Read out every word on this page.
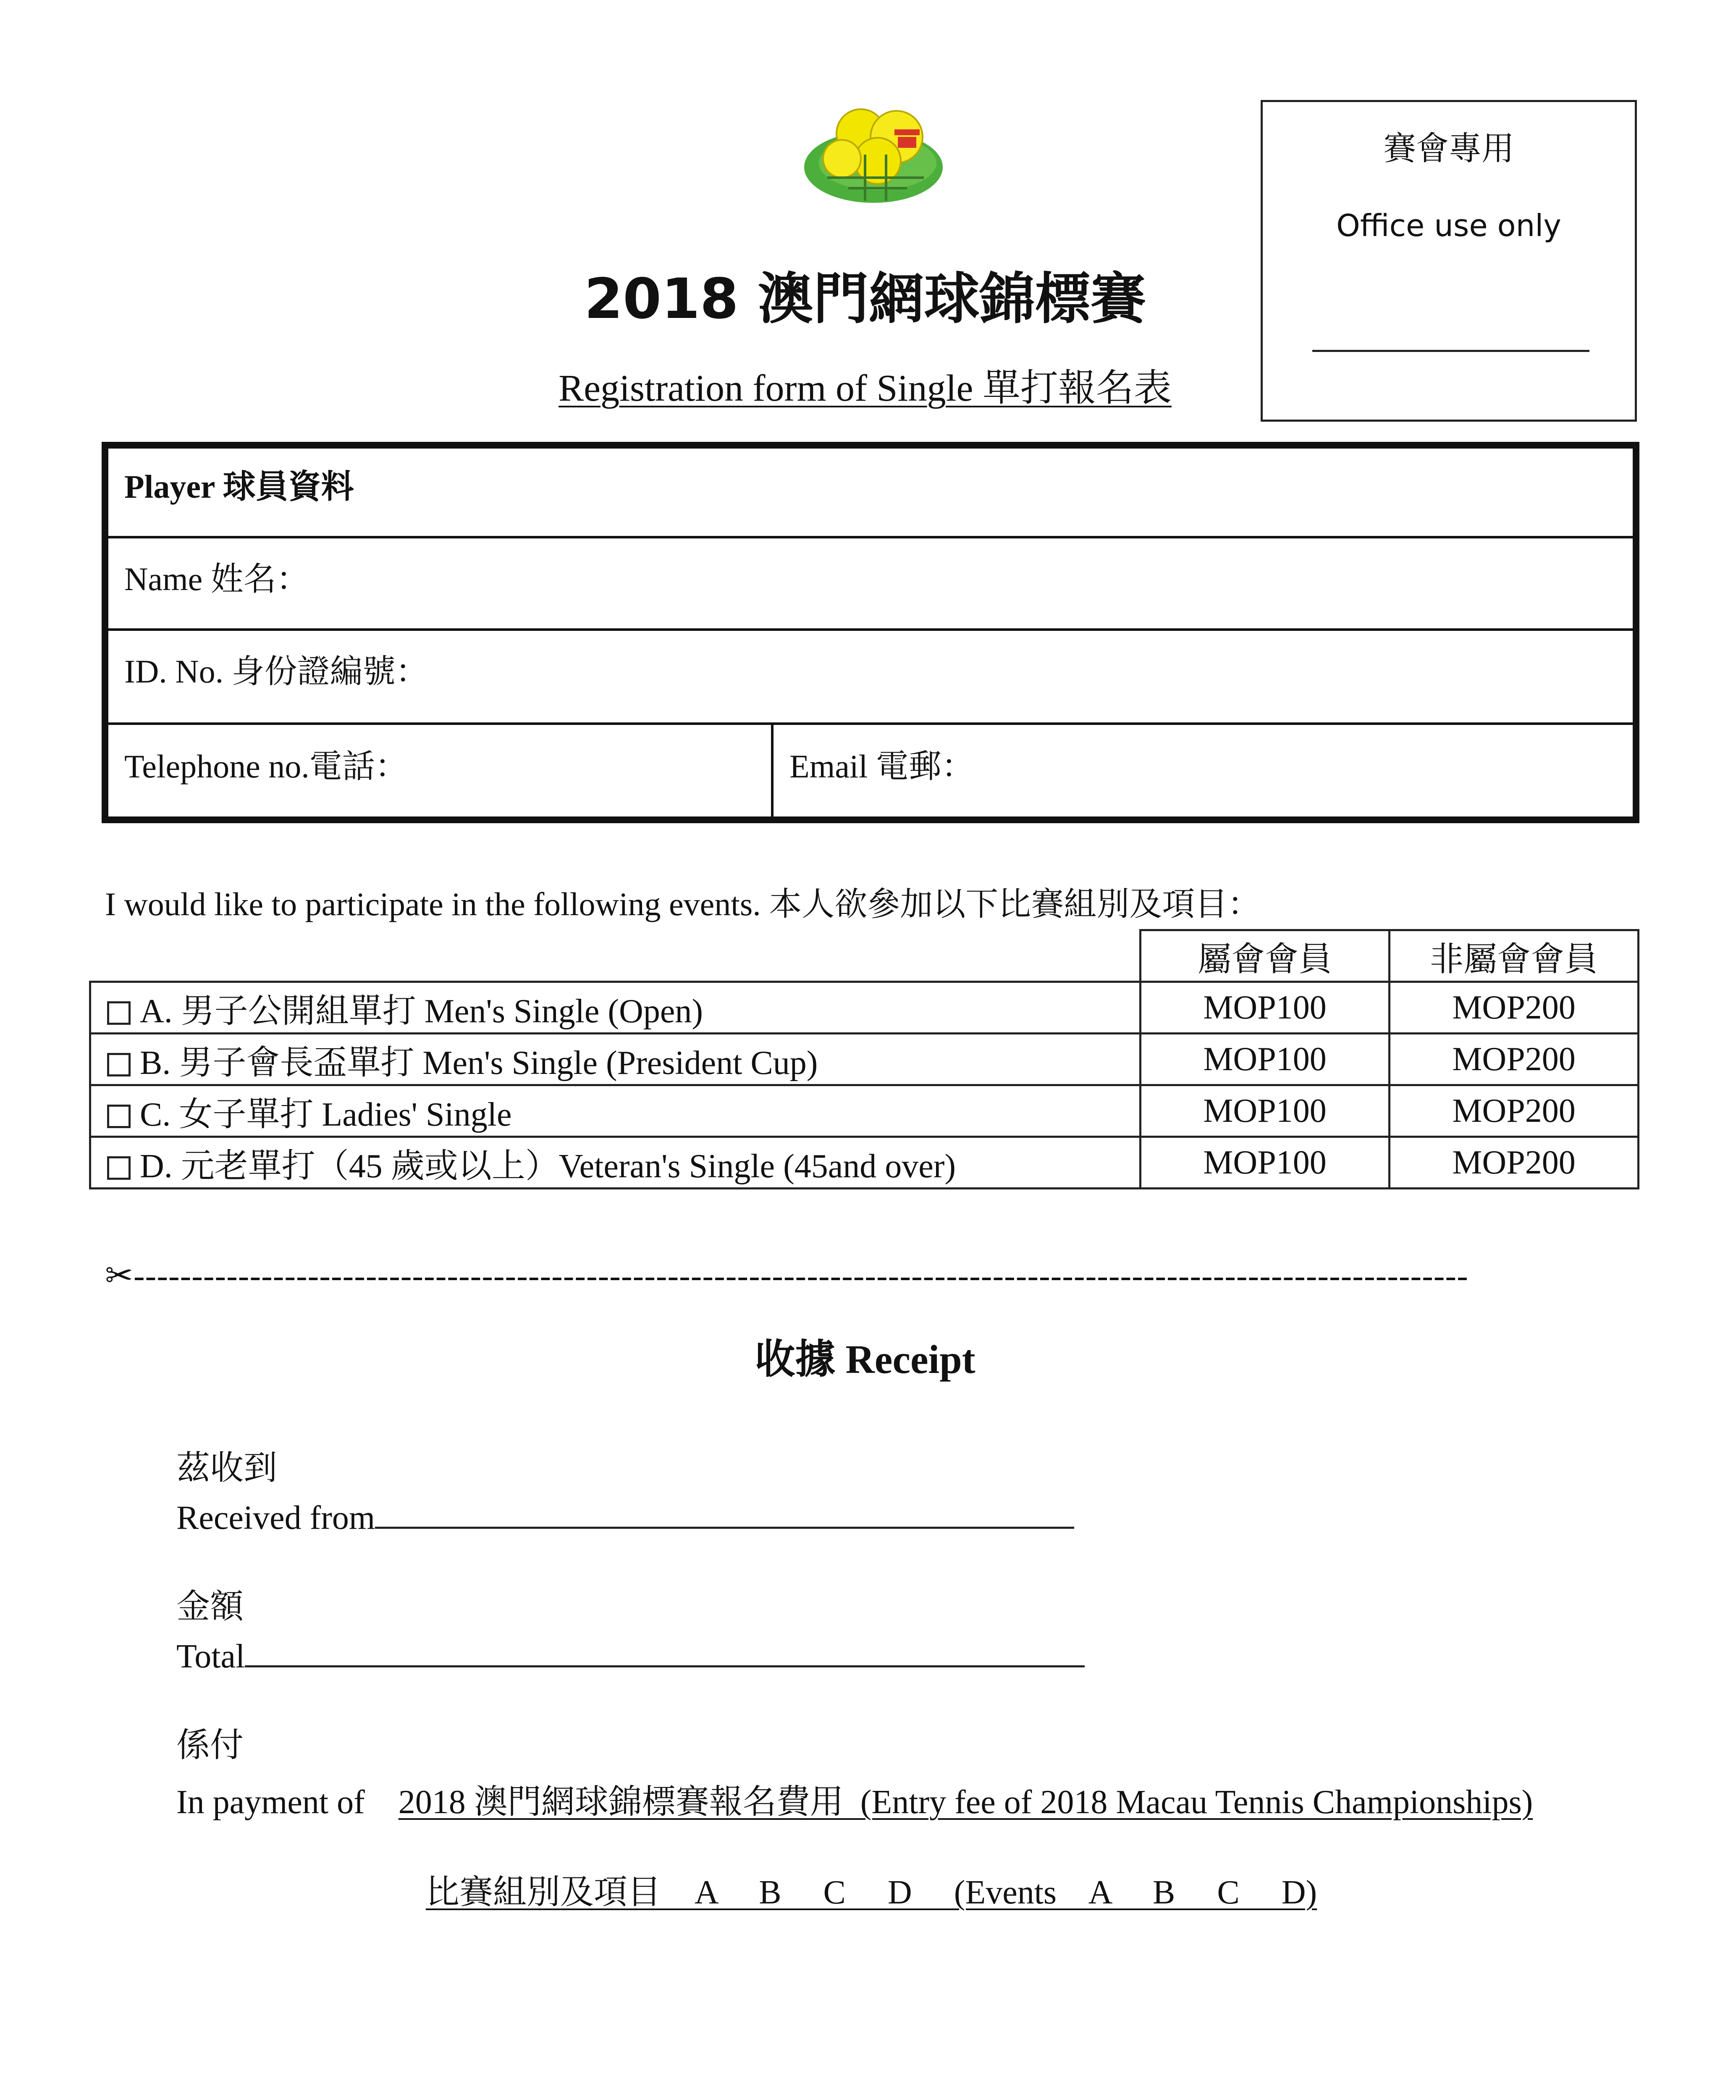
賽會專用
Office use only
2018 澳門網球錦標賽
Registration form of Single 單打報名表
Player 球員資料
Name 姓名：
ID. No. 身份證編號：
Telephone no.電話：	Email 電郵：
I would like to participate in the following events. 本人欲參加以下比賽組別及項目：
	屬會會員	非屬會會員
A. 男子公開組單打 Men's Single (Open)	MOP100	MOP200
B. 男子會長盃單打 Men's Single (President Cup)	MOP100	MOP200
C. 女子單打 Ladies' Single	MOP100	MOP200
D. 元老單打（45 歲或以上）Veteran's Single (45and over)	MOP100	MOP200
✂-------------------------------------------------------------------------------------------------------------------
收據 Receipt
茲收到
Received from
金額
Total
係付
In payment of 2018 澳門網球錦標賽報名費用  (Entry fee of 2018 Macau Tennis Championships)
比賽組別及項目    A     B     C     D     (Events    A     B     C     D)
